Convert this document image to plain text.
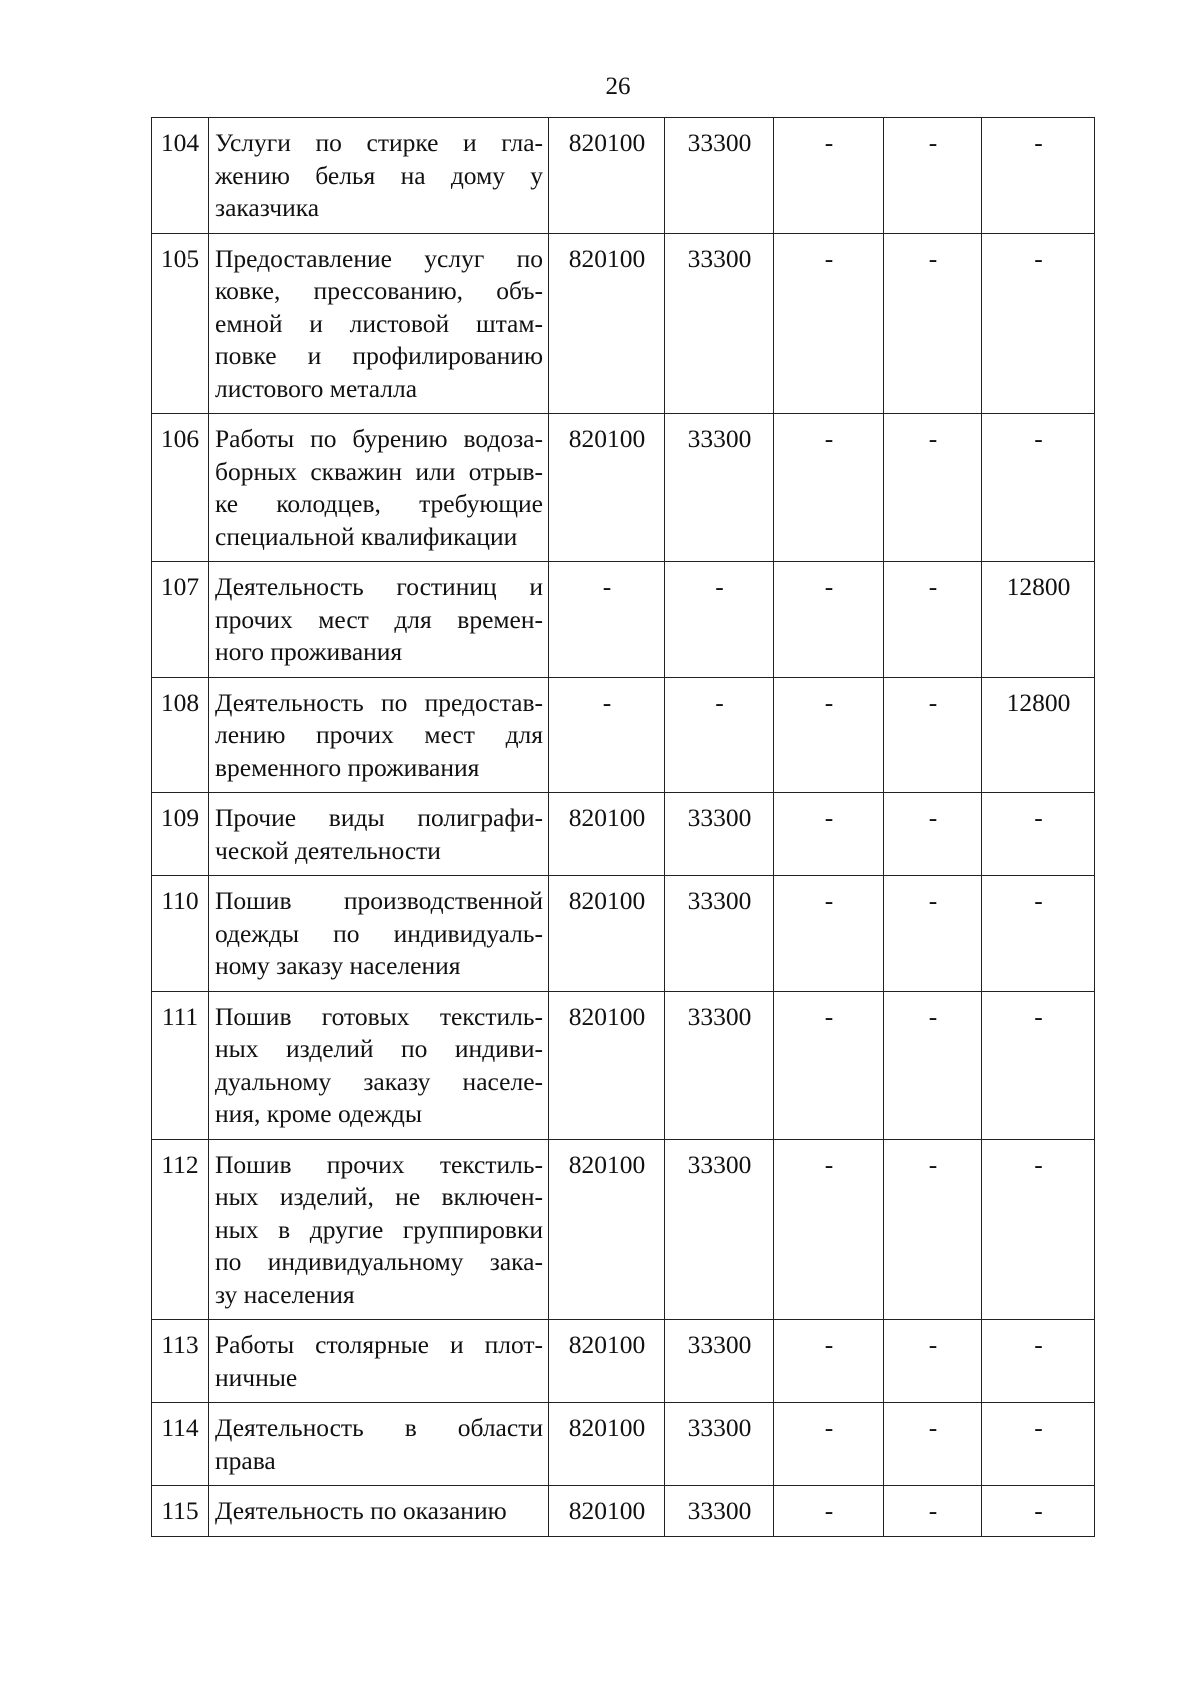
26
104	Услуги по стирке и гла-
жению белья на дому у
заказчика	820100	33300	-	-	-
105	Предоставление услуг по
ковке, прессованию, объ-
емной и листовой штам-
повке и профилированию
листового металла	820100	33300	-	-	-
106	Работы по бурению водоза-
борных скважин или отрыв-
ке колодцев, требующие
специальной квалификации	820100	33300	-	-	-
107	Деятельность гостиниц и
прочих мест для времен-
ного проживания	-	-	-	-	12800
108	Деятельность по предостав-
лению прочих мест для
временного проживания	-	-	-	-	12800
109	Прочие виды полиграфи-
ческой деятельности	820100	33300	-	-	-
110	Пошив производственной
одежды по индивидуаль-
ному заказу населения	820100	33300	-	-	-
111	Пошив готовых текстиль-
ных изделий по индиви-
дуальному заказу населе-
ния, кроме одежды	820100	33300	-	-	-
112	Пошив прочих текстиль-
ных изделий, не включен-
ных в другие группировки
по индивидуальному зака-
зу населения	820100	33300	-	-	-
113	Работы столярные и плот-
ничные	820100	33300	-	-	-
114	Деятельность в области
права	820100	33300	-	-	-
115	Деятельность по оказанию	820100	33300	-	-	-
